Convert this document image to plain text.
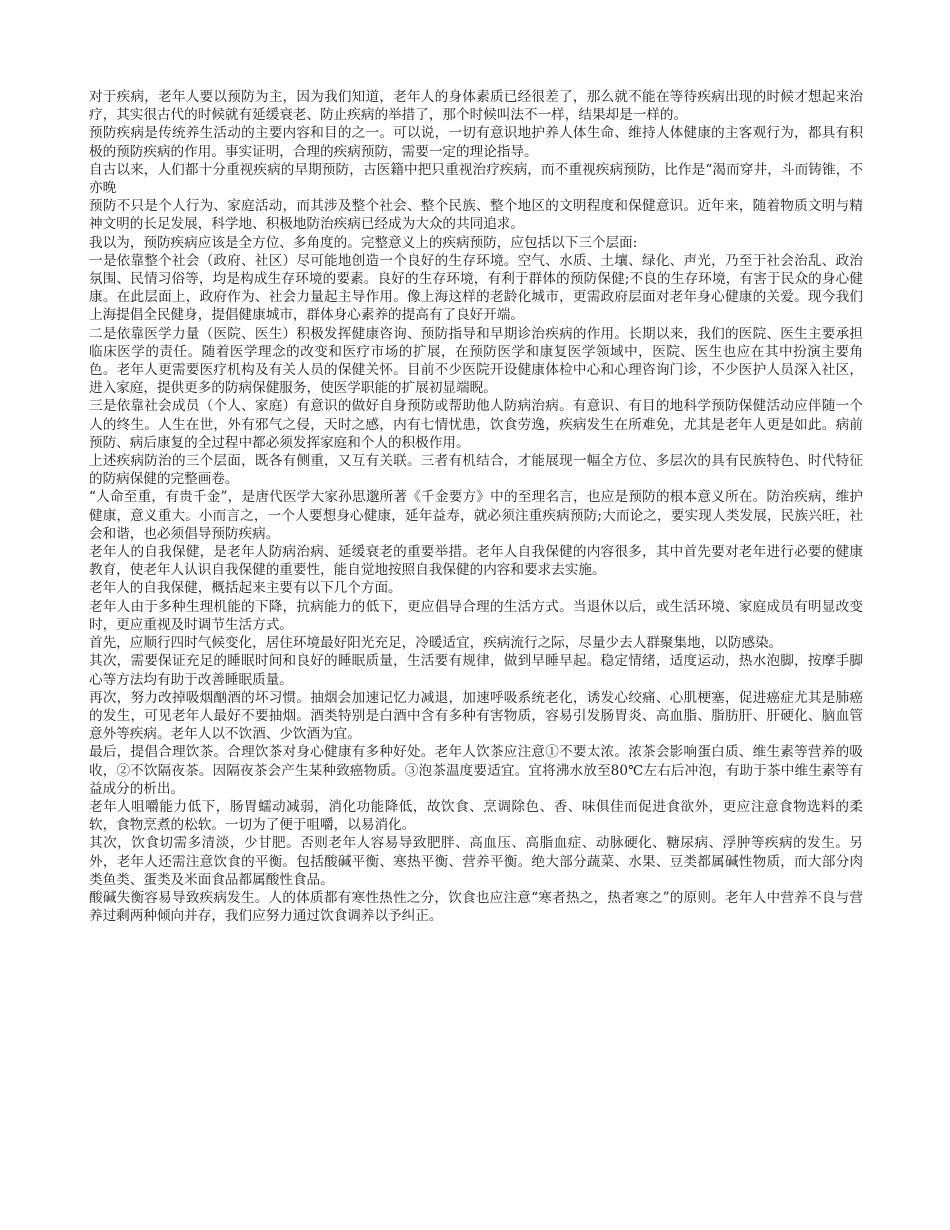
对于疾病，老年人要以预防为主，因为我们知道，老年人的身体素质已经很差了，那么就不能在等待疾病出现的时候才想起来治疗，其实很古代的时候就有延缓衰老、防止疾病的举措了，那个时候叫法不一样，结果却是一样的。

预防疾病是传统养生活动的主要内容和目的之一。可以说，一切有意识地护养人体生命、维持人体健康的主客观行为，都具有积极的预防疾病的作用。事实证明，合理的疾病预防，需要一定的理论指导。

自古以来，人们都十分重视疾病的早期预防，古医籍中把只重视治疗疾病，而不重视疾病预防，比作是“渴而穿井，斗而铸锥，不亦晚

预防不只是个人行为、家庭活动，而其涉及整个社会、整个民族、整个地区的文明程度和保健意识。近年来，随着物质文明与精神文明的长足发展，科学地、积极地防治疾病已经成为大众的共同追求。

我以为，预防疾病应该是全方位、多角度的。完整意义上的疾病预防，应包括以下三个层面:

一是依靠整个社会（政府、社区）尽可能地创造一个良好的生存环境。空气、水质、土壤、绿化、声光，乃至于社会治乱、政治氛围、民情习俗等，均是构成生存环境的要素。良好的生存环境，有利于群体的预防保健;不良的生存环境，有害于民众的身心健康。在此层面上，政府作为、社会力量起主导作用。像上海这样的老龄化城市，更需政府层面对老年身心健康的关爱。现今我们上海提倡全民健身，提倡健康城市，群体身心素养的提高有了良好开端。

二是依靠医学力量（医院、医生）积极发挥健康咨询、预防指导和早期诊治疾病的作用。长期以来，我们的医院、医生主要承担临床医学的责任。随着医学理念的改变和医疗市场的扩展，在预防医学和康复医学领域中，医院、医生也应在其中扮演主要角色。老年人更需要医疗机构及有关人员的保健关怀。目前不少医院开设健康体检中心和心理咨询门诊，不少医护人员深入社区，进入家庭，提供更多的防病保健服务，使医学职能的扩展初显端睨。

三是依靠社会成员（个人、家庭）有意识的做好自身预防或帮助他人防病治病。有意识、有目的地科学预防保健活动应伴随一个人的终生。人生在世，外有邪气之侵，天时之感，内有七情忧患，饮食劳逸，疾病发生在所难免，尤其是老年人更是如此。病前预防、病后康复的全过程中都必须发挥家庭和个人的积极作用。

上述疾病防治的三个层面，既各有侧重，又互有关联。三者有机结合，才能展现一幅全方位、多层次的具有民族特色、时代特征的防病保健的完整画卷。

“人命至重，有贵千金”，是唐代医学大家孙思邈所著《千金要方》中的至理名言，也应是预防的根本意义所在。防治疾病，维护健康，意义重大。小而言之，一个人要想身心健康，延年益寿，就必须注重疾病预防;大而论之，要实现人类发展，民族兴旺，社会和谐，也必须倡导预防疾病。

老年人的自我保健，是老年人防病治病、延缓衰老的重要举措。老年人自我保健的内容很多，其中首先要对老年进行必要的健康教育，使老年人认识自我保健的重要性，能自觉地按照自我保健的内容和要求去实施。

老年人的自我保健，概括起来主要有以下几个方面。

老年人由于多种生理机能的下降，抗病能力的低下，更应倡导合理的生活方式。当退休以后，或生活环境、家庭成员有明显改变时，更应重视及时调节生活方式。

首先，应顺行四时气候变化，居住环境最好阳光充足，冷暖适宜，疾病流行之际，尽量少去人群聚集地，以防感染。

其次，需要保证充足的睡眠时间和良好的睡眠质量，生活要有规律，做到早睡早起。稳定情绪，适度运动，热水泡脚，按摩手脚心等方法均有助于改善睡眠质量。

再次，努力改掉吸烟酗酒的坏习惯。抽烟会加速记忆力减退，加速呼吸系统老化，诱发心绞痛、心肌梗塞，促进癌症尤其是肺癌的发生，可见老年人最好不要抽烟。酒类特别是白酒中含有多种有害物质，容易引发肠胃炎、高血脂、脂肪肝、肝硬化、脑血管意外等疾病。老年人以不饮酒、少饮酒为宜。

最后，提倡合理饮茶。合理饮茶对身心健康有多种好处。老年人饮茶应注意①不要太浓。浓茶会影响蛋白质、维生素等营养的吸收，②不饮隔夜茶。因隔夜茶会产生某种致癌物质。③泡茶温度要适宜。宜将沸水放至80℃左右后冲泡，有助于茶中维生素等有益成分的析出。

老年人咀嚼能力低下，肠胃蠕动减弱，消化功能降低，故饮食、烹调除色、香、味俱佳而促进食欲外，更应注意食物选料的柔软，食物烹煮的松软。一切为了便于咀嚼，以易消化。

其次，饮食切需多清淡，少甘肥。否则老年人容易导致肥胖、高血压、高脂血症、动脉硬化、糖尿病、浮肿等疾病的发生。另外，老年人还需注意饮食的平衡。包括酸碱平衡、寒热平衡、营养平衡。绝大部分蔬菜、水果、豆类都属碱性物质，而大部分肉类鱼类、蛋类及米面食品都属酸性食品。

酸碱失衡容易导致疾病发生。人的体质都有寒性热性之分，饮食也应注意“寒者热之，热者寒之”的原则。老年人中营养不良与营养过剩两种倾向并存，我们应努力通过饮食调养以予纠正。
